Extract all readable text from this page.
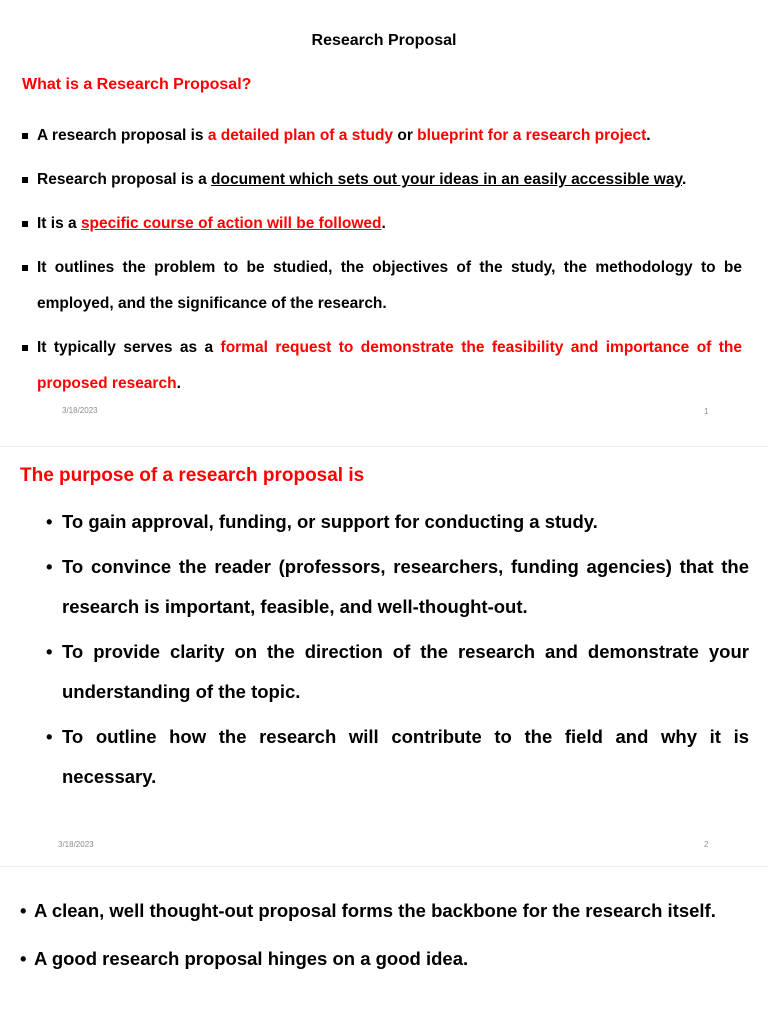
Research Proposal
What is a Research Proposal?
A research proposal is a detailed plan of a study or blueprint for a research project.
Research proposal is a document which sets out your ideas in an easily accessible way.
It is a specific course of action will be followed.
It outlines the problem to be studied, the objectives of the study, the methodology to be employed, and the significance of the research.
It typically serves as a formal request to demonstrate the feasibility and importance of the proposed research.
3/18/2023	1
The purpose of a research proposal is
• To gain approval, funding, or support for conducting a study.
• To convince the reader (professors, researchers, funding agencies) that the research is important, feasible, and well-thought-out.
• To provide clarity on the direction of the research and demonstrate your understanding of the topic.
• To outline how the research will contribute to the field and why it is necessary.
3/18/2023	2
• A clean, well thought-out proposal forms the backbone for the research itself.
• A good research proposal hinges on a good idea.
